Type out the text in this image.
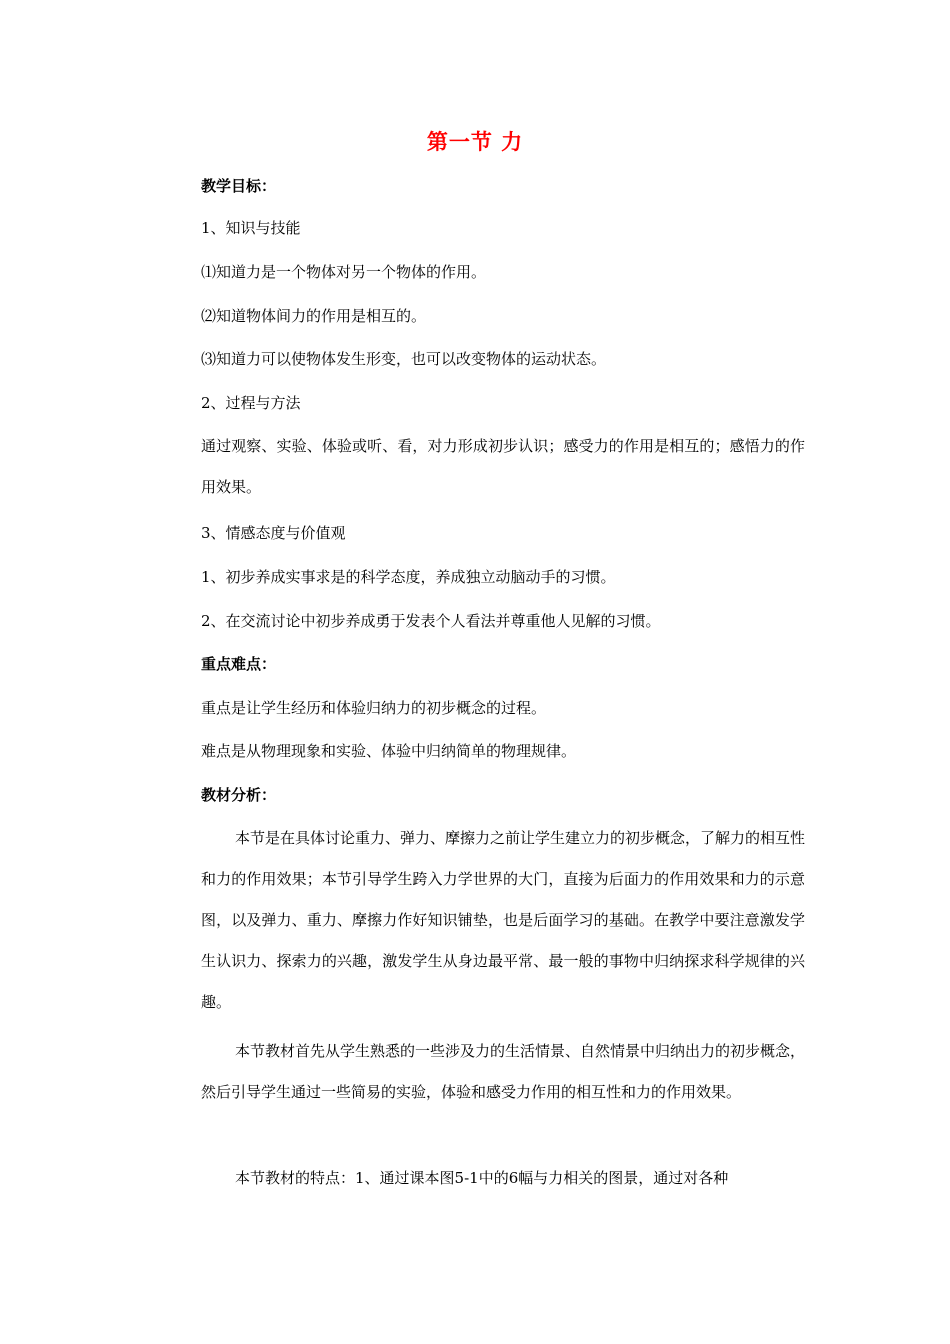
第一节 力
教学目标：
1、知识与技能
⑴知道力是一个物体对另一个物体的作用。
⑵知道物体间力的作用是相互的。
⑶知道力可以使物体发生形变，也可以改变物体的运动状态。
2、过程与方法
通过观察、实验、体验或听、看，对力形成初步认识；感受力的作用是相互的；感悟力的作用效果。
3、情感态度与价值观
1、初步养成实事求是的科学态度，养成独立动脑动手的习惯。
2、在交流讨论中初步养成勇于发表个人看法并尊重他人见解的习惯。
重点难点：
重点是让学生经历和体验归纳力的初步概念的过程。
难点是从物理现象和实验、体验中归纳简单的物理规律。
教材分析：
本节是在具体讨论重力、弹力、摩擦力之前让学生建立力的初步概念，了解力的相互性和力的作用效果；本节引导学生跨入力学世界的大门，直接为后面力的作用效果和力的示意图，以及弹力、重力、摩擦力作好知识铺垫，也是后面学习的基础。在教学中要注意激发学生认识力、探索力的兴趣，激发学生从身边最平常、最一般的事物中归纳探求科学规律的兴趣。
本节教材首先从学生熟悉的一些涉及力的生活情景、自然情景中归纳出力的初步概念，然后引导学生通过一些简易的实验，体验和感受力作用的相互性和力的作用效果。
本节教材的特点：1、通过课本图5-1中的6幅与力相关的图景，通过对各种
